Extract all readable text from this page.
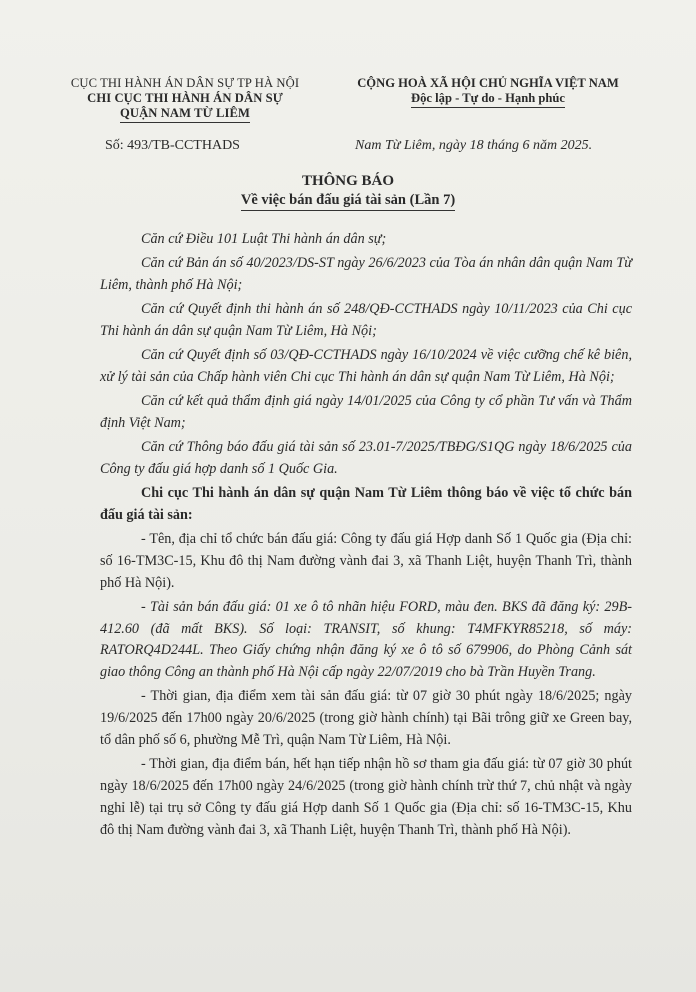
CỤC THI HÀNH ÁN DÂN SỰ TP HÀ NỘI
CHI CỤC THI HÀNH ÁN DÂN SỰ
QUẬN NAM TỪ LIÊM
CỘNG HOÀ XÃ HỘI CHỦ NGHĨA VIỆT NAM
Độc lập - Tự do - Hạnh phúc
Số: 493/TB-CCTHADS	Nam Từ Liêm, ngày 18 tháng 6 năm 2025.
THÔNG BÁO
Về việc bán đấu giá tài sản (Lần 7)

Căn cứ Điều 101 Luật Thi hành án dân sự;

Căn cứ Bản án số 40/2023/DS-ST ngày 26/6/2023 của Tòa án nhân dân quận Nam Từ Liêm, thành phố Hà Nội;

Căn cứ Quyết định thi hành án số 248/QĐ-CCTHADS ngày 10/11/2023 của Chi cục Thi hành án dân sự quận Nam Từ Liêm, Hà Nội;

Căn cứ Quyết định số 03/QĐ-CCTHADS ngày 16/10/2024 về việc cưỡng chế kê biên, xử lý tài sản của Chấp hành viên Chi cục Thi hành án dân sự quận Nam Từ Liêm, Hà Nội;

Căn cứ kết quả thẩm định giá ngày 14/01/2025 của Công ty cổ phần Tư vấn và Thẩm định Việt Nam;

Căn cứ Thông báo đấu giá tài sản số 23.01-7/2025/TBĐG/S1QG ngày 18/6/2025 của Công ty đấu giá hợp danh số 1 Quốc Gia.

Chi cục Thi hành án dân sự quận Nam Từ Liêm thông báo về việc tổ chức bán đấu giá tài sản:

- Tên, địa chỉ tổ chức bán đấu giá: Công ty đấu giá Hợp danh Số 1 Quốc gia (Địa chỉ: số 16-TM3C-15, Khu đô thị Nam đường vành đai 3, xã Thanh Liệt, huyện Thanh Trì, thành phố Hà Nội).

- Tài sản bán đấu giá: 01 xe ô tô nhãn hiệu FORD, màu đen. BKS đã đăng ký: 29B-412.60 (đã mất BKS). Số loại: TRANSIT, số khung: T4MFKYR85218, số máy: RATORQ4D244L. Theo Giấy chứng nhận đăng ký xe ô tô số 679906, do Phòng Cảnh sát giao thông Công an thành phố Hà Nội cấp ngày 22/07/2019 cho bà Trần Huyền Trang.

- Thời gian, địa điểm xem tài sản đấu giá: từ 07 giờ 30 phút ngày 18/6/2025; ngày 19/6/2025 đến 17h00 ngày 20/6/2025 (trong giờ hành chính) tại Bãi trông giữ xe Green bay, tổ dân phố số 6, phường Mễ Trì, quận Nam Từ Liêm, Hà Nội.

- Thời gian, địa điểm bán, hết hạn tiếp nhận hồ sơ tham gia đấu giá: từ 07 giờ 30 phút ngày 18/6/2025 đến 17h00 ngày 24/6/2025 (trong giờ hành chính trừ thứ 7, chủ nhật và ngày nghỉ lễ) tại trụ sở Công ty đấu giá Hợp danh Số 1 Quốc gia (Địa chỉ: số 16-TM3C-15, Khu đô thị Nam đường vành đai 3, xã Thanh Liệt, huyện Thanh Trì, thành phố Hà Nội).
